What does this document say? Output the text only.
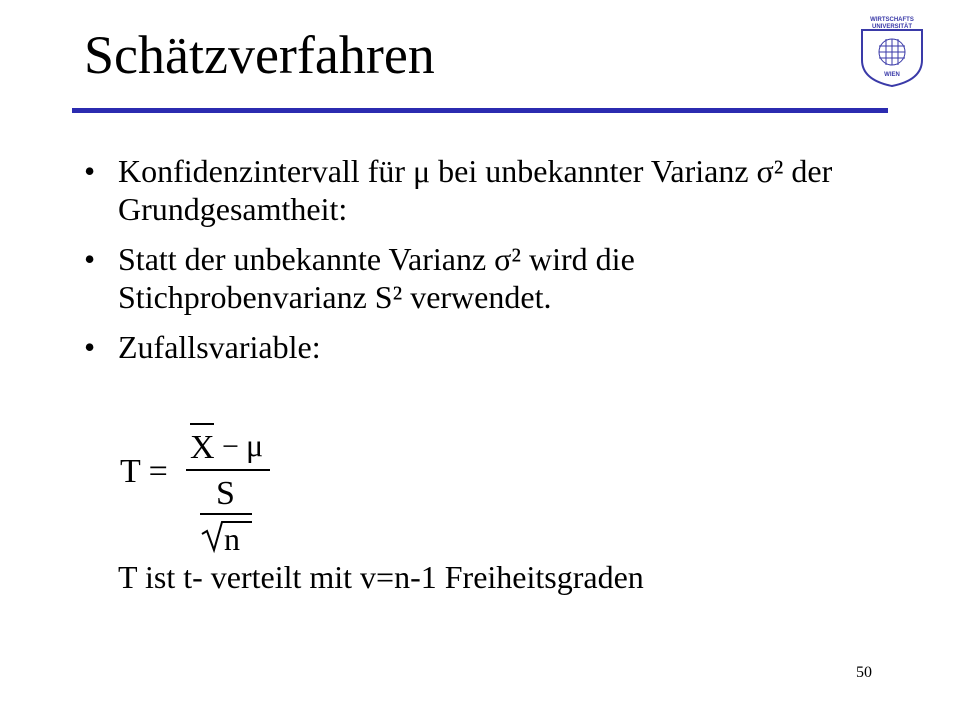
Schätzverfahren
WIRTSCHAFTS
UNIVERSITÄT
WIEN
• Konfidenzintervall für μ bei unbekannter Varianz σ² der Grundgesamtheit:
• Statt der unbekannte Varianz σ² wird die Stichprobenvarianz S² verwendet.
• Zufallsvariable:
T =
X − μ
S
n
T ist t- verteilt mit v=n-1 Freiheitsgraden
50
